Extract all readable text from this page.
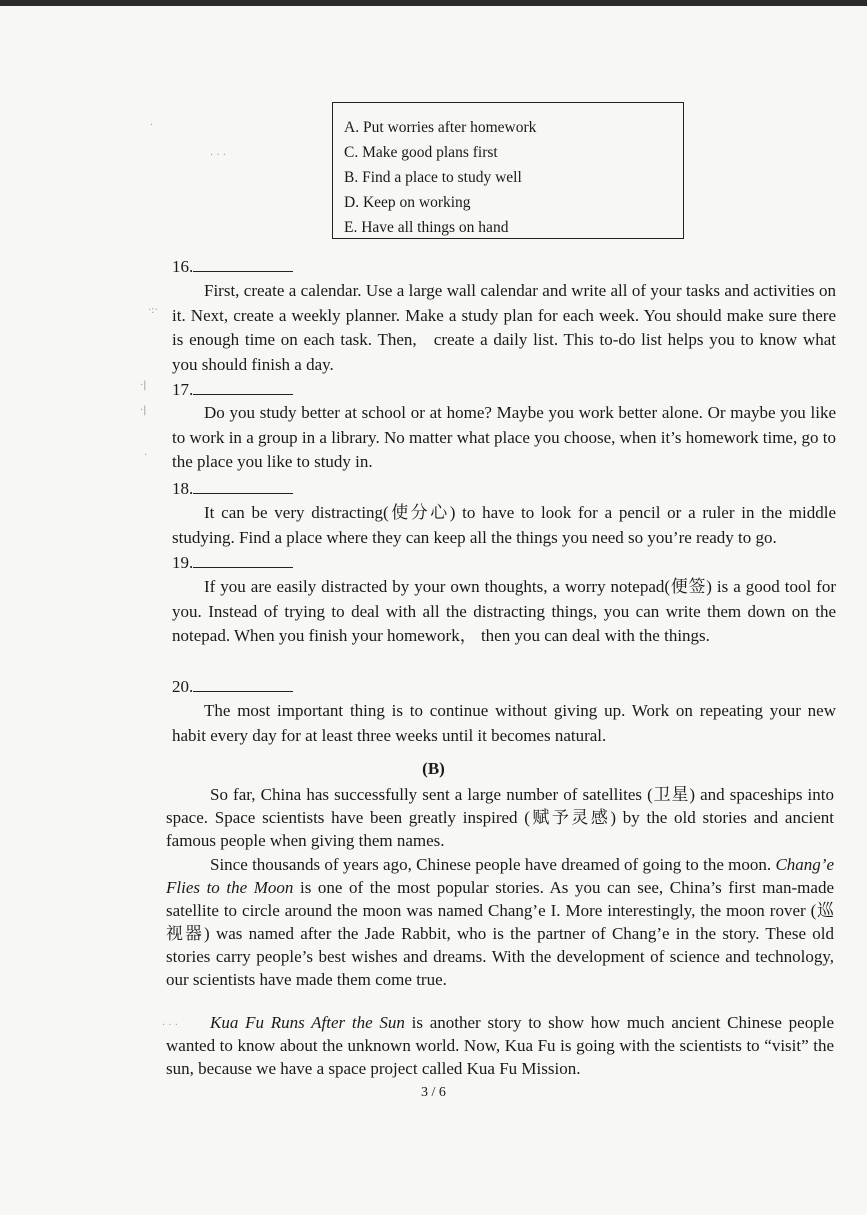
·
· · ·
·:·
·|
·|
·
· · ·
A. Put worries after homework
C. Make good plans first
B. Find a place to study well
D. Keep on working
E. Have all things on hand
16.
First, create a calendar. Use a large wall calendar and write all of your tasks and activities on it. Next, create a weekly planner. Make a study plan for each week. You should make sure there is enough time on each task. Then,   create a daily list. This to-do list helps you to know what you should finish a day.
17.
Do you study better at school or at home? Maybe you work better alone. Or maybe you like to work in a group in a library. No matter what place you choose, when it’s homework time, go to the place you like to study in.
18.
It can be very distracting(使分心) to have to look for a pencil or a ruler in the middle studying. Find a place where they can keep all the things you need so you’re ready to go.
19.
If you are easily distracted by your own thoughts, a worry notepad(便签) is a good tool for you. Instead of trying to deal with all the distracting things, you can write them down on the notepad. When you finish your homework， then you can deal with the things.
20.
The most important thing is to continue without giving up. Work on repeating your new habit every day for at least three weeks until it becomes natural.
(B)
So far, China has successfully sent a large number of satellites (卫星) and spaceships into space. Space scientists have been greatly inspired (赋予灵感) by the old stories and ancient famous people when giving them names.
Since thousands of years ago, Chinese people have dreamed of going to the moon. Chang’e Flies to the Moon is one of the most popular stories. As you can see, China’s first man-made satellite to circle around the moon was named Chang’e I. More interestingly, the moon rover (巡视器) was named after the Jade Rabbit, who is the partner of Chang’e in the story. These old stories carry people’s best wishes and dreams. With the development of science and technology, our scientists have made them come true.
Kua Fu Runs After the Sun is another story to show how much ancient Chinese people wanted to know about the unknown world. Now, Kua Fu is going with the scientists to “visit” the sun, because we have a space project called Kua Fu Mission.
3 / 6
